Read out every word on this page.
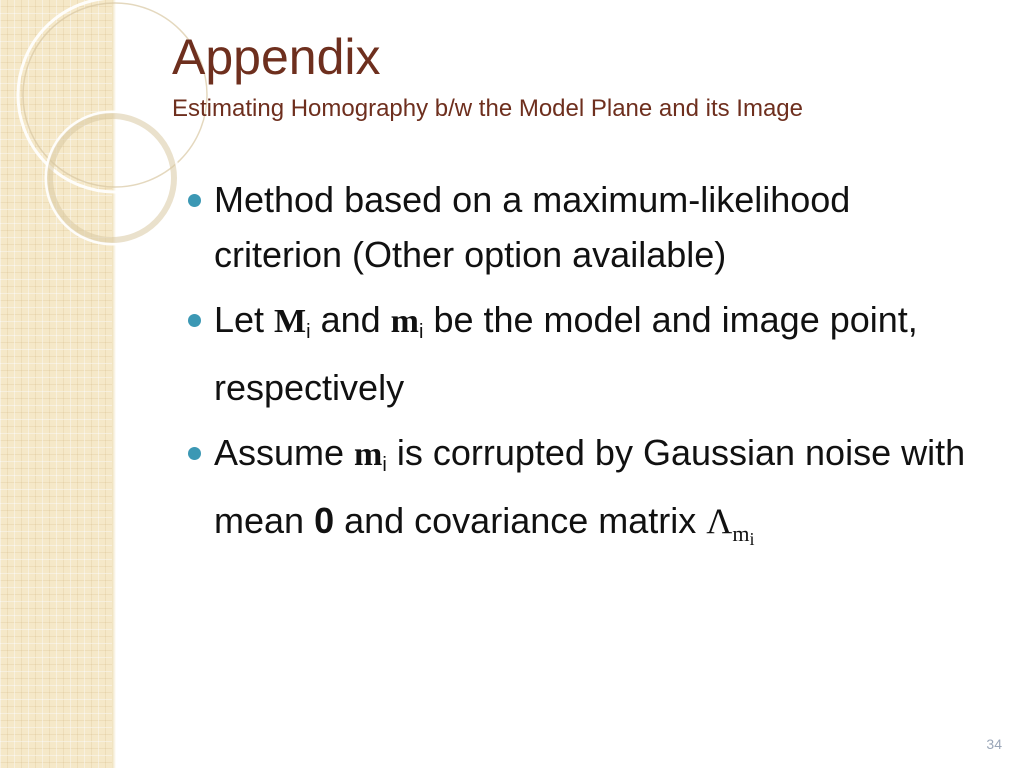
Appendix
Estimating Homography b/w the Model Plane and its Image
Method based on a maximum-likelihood criterion (Other option available)
Let Mi and mi be the model and image point, respectively
Assume mi is corrupted by Gaussian noise with mean 0 and covariance matrix $\Lambda_{mi}$
34
